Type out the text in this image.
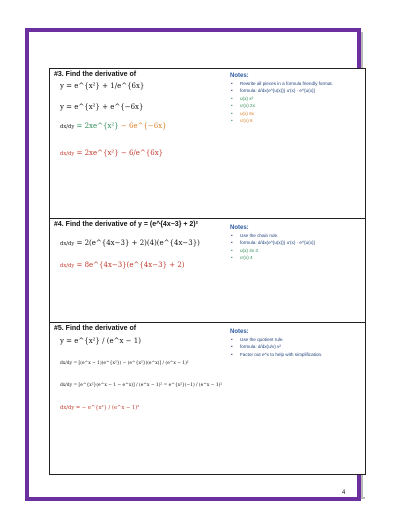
#3. Find the derivative of
y = e^{x²} + 1/e^{6x}
y = e^{x²} + e^{−6x}
dx/dy = 2xe^{x²} − 6e^{−6x}
dx/dy = 2xe^{x²} − 6/e^{6x}
Notes:
• Rewrite all pieces in a formula friendly format.
• formula: d/dx(e^{u(x)}) u′(x) · e^{u(x)}
• u(x) x²
• u′(x) 2x
• u(x) 6x
• u′(x) 6
#4. Find the derivative of y = (e^{4x−3} + 2)²
dx/dy = 2(e^{4x−3} + 2)(4)(e^{4x−3})
dx/dy = 8e^{4x−3}(e^{4x−3} + 2)
Notes:
• Use the chain rule.
• formula: d/dx(e^{u(x)}) u′(x) · e^{u(x)}
• u(x) 4x 3
• u′(x) 4
#5. Find the derivative of
y = e^{x²} / (e^x − 1)
dx/dy = [(e^x − 1)(e^{x²}) − (e^{x²})(e^x)] / (e^x − 1)²
dx/dy = [e^{x²}(e^x − 1 − e^x)] / (e^x − 1)² = e^{x²}(−1) / (e^x − 1)²
dx/dy = − e^{x²} / (e^x − 1)²
Notes:
• Use the quotient rule.
• formula: d/dx(u/v) v²
• Factor out e^x to help with simplification.
4
